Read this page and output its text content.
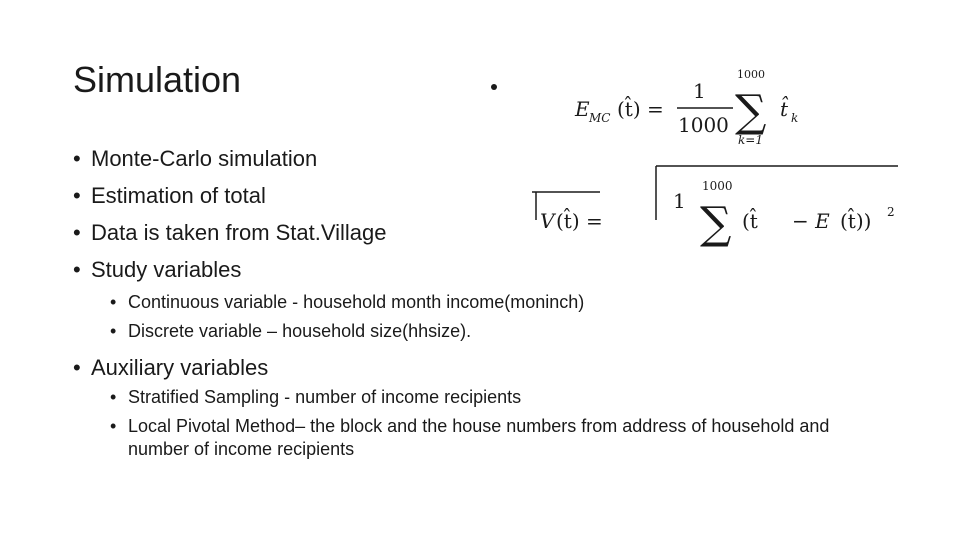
Simulation
E MC (t̂) =
1
1000
1000
∑
k=1
t̂ k
V (t̂) =
1
1000
∑ (t̂ − E (t̂)) 2
• Monte-Carlo simulation
• Estimation of total
• Data is taken from Stat.Village
• Study variables
• Continuous variable - household month income(moninch)
• Discrete variable – household size(hhsize).
• Auxiliary variables
• Stratified Sampling - number of income recipients
• Local Pivotal Method– the block and the house numbers from address of household and number of income recipients
